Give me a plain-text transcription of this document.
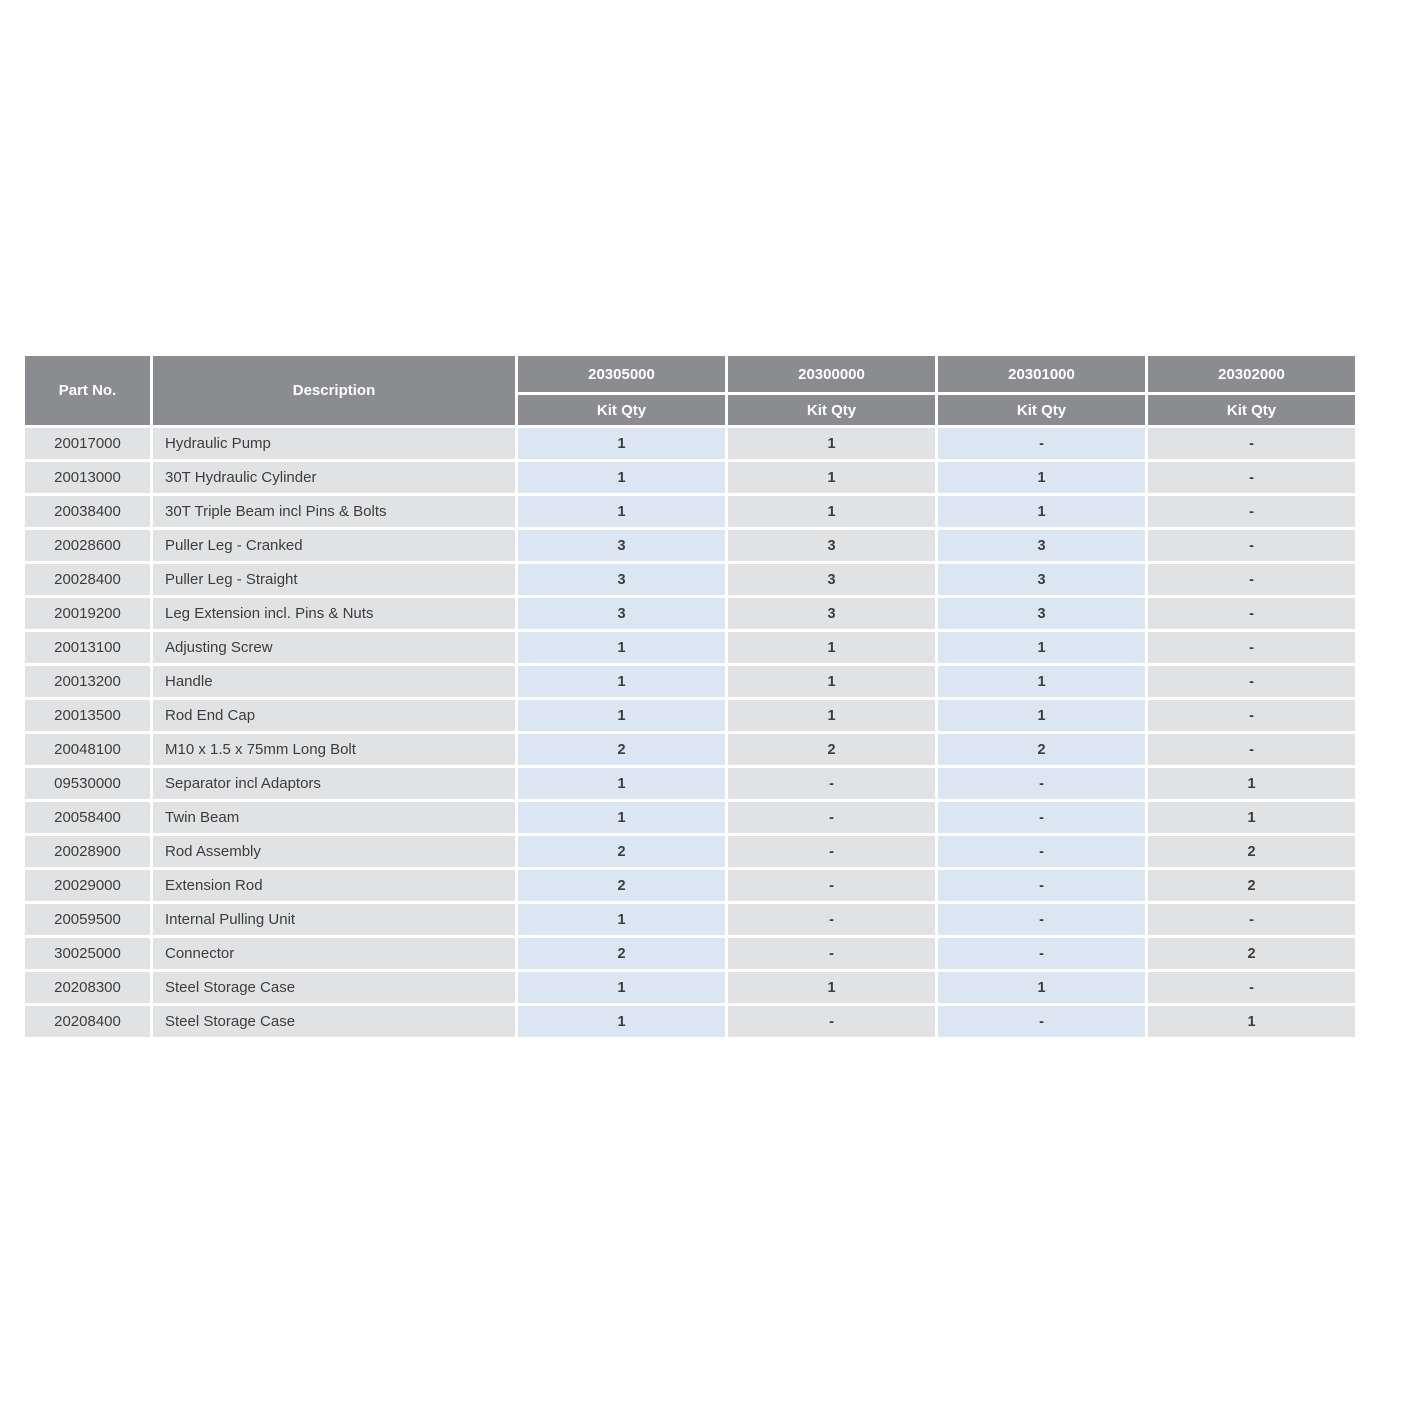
Part No.	Description	20305000	20300000	20301000	20302000
		Kit Qty	Kit Qty	Kit Qty	Kit Qty
20017000	Hydraulic Pump	1	1	-	-
20013000	30T Hydraulic Cylinder	1	1	1	-
20038400	30T Triple Beam incl Pins & Bolts	1	1	1	-
20028600	Puller Leg - Cranked	3	3	3	-
20028400	Puller Leg - Straight	3	3	3	-
20019200	Leg Extension incl. Pins & Nuts	3	3	3	-
20013100	Adjusting Screw	1	1	1	-
20013200	Handle	1	1	1	-
20013500	Rod End Cap	1	1	1	-
20048100	M10 x 1.5 x 75mm Long Bolt	2	2	2	-
09530000	Separator incl Adaptors	1	-	-	1
20058400	Twin Beam	1	-	-	1
20028900	Rod Assembly	2	-	-	2
20029000	Extension Rod	2	-	-	2
20059500	Internal Pulling Unit	1	-	-	-
30025000	Connector	2	-	-	2
20208300	Steel Storage Case	1	1	1	-
20208400	Steel Storage Case	1	-	-	1
